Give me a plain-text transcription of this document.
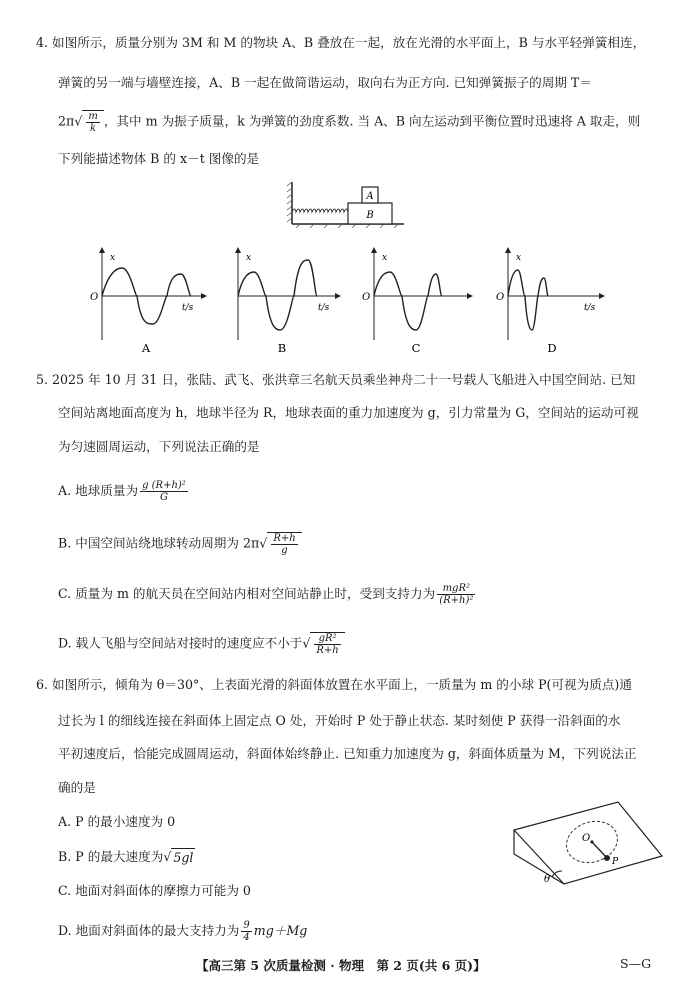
4. 如图所示，质量分别为 3M 和 M 的物块 A、B 叠放在一起，放在光滑的水平面上，B 与水平轻弹簧相连，
弹簧的另一端与墙壁连接，A、B 一起在做简谐运动，取向右为正方向. 已知弹簧振子的周期 T＝
$2\pi√ \frac{m}{k}$ ，其中 m 为振子质量，k 为弹簧的劲度系数. 当 A、B 向左运动到平衡位置时迅速将 A 取走，则
下列能描述物体 B 的 x－t 图像的是
A
B
x
O
t/s
x
t/s
x
O
x
O
t/s
A	B	C	D
5. 2025 年 10 月 31 日，张陆、武飞、张洪章三名航天员乘坐神舟二十一号载人飞船进入中国空间站. 已知
空间站离地面高度为 h，地球半径为 R，地球表面的重力加速度为 g，引力常量为 G，空间站的运动可视
为匀速圆周运动，下列说法正确的是
A. 地球质量为 $\frac{\text{g (R+h)²}}{G}$
B. 中国空间站绕地球转动周期为 $2\pi√ \frac{R+h}{g}$
C. 质量为 m 的航天员在空间站内相对空间站静止时，受到支持力为 $\frac{\text{mgR²}}{\text{(R+h)²}}$
D. 载人飞船与空间站对接时的速度应不小于√ $\frac{\text{gR²}}{R+h}$
6. 如图所示，倾角为 θ＝30°、上表面光滑的斜面体放置在水平面上，一质量为 m 的小球 P(可视为质点)通
过长为 l 的细线连接在斜面体上固定点 O 处，开始时 P 处于静止状态. 某时刻使 P 获得一沿斜面的水
平初速度后，恰能完成圆周运动，斜面体始终静止. 已知重力加速度为 g，斜面体质量为 M，下列说法正
确的是
A. P 的最小速度为 0
B. P 的最大速度为√ 5gl
C. 地面对斜面体的摩擦力可能为 0
D. 地面对斜面体的最大支持力为 $\frac{9}{4} mg+Mg$
O
P
θ
【高三第 5 次质量检测 · 物理　第 2 页(共 6 页)】	S—G
